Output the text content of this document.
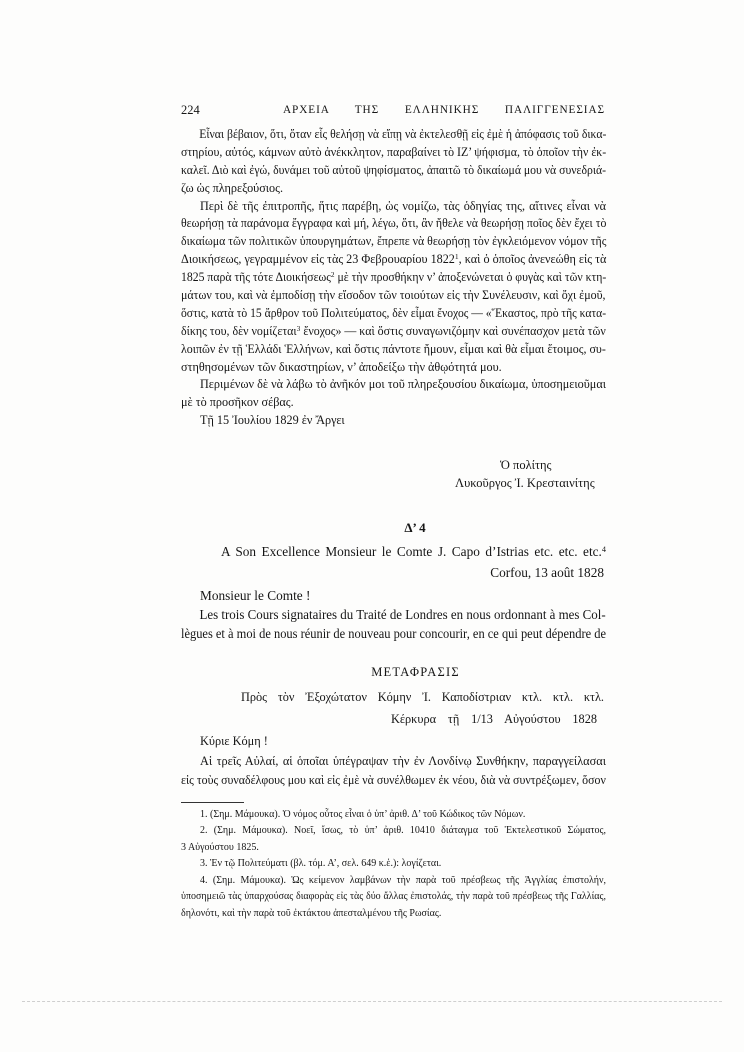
224	ΑΡΧΕΙΑ ΤΗΣ ΕΛΛΗΝΙΚΗΣ ΠΑΛΙΓΓΕΝΕΣΙΑΣ
Εἶναι βέβαιον, ὅτι, ὅταν εἷς θελήσῃ νὰ εἴπῃ νὰ ἐκτελεσθῇ εἰς ἐμὲ ἡ ἀπόφασις τοῦ δικα-
στηρίου, αὐτός, κάμνων αὐτὸ ἀνέκκλητον, παραβαίνει τὸ ΙΖ’ ψήφισμα, τὸ ὁποῖον τὴν ἐκ-
καλεῖ. Διὸ καὶ ἐγώ, δυνάμει τοῦ αὐτοῦ ψηφίσματος, ἀπαιτῶ τὸ δικαίωμά μου νὰ συνεδριά-
ζω ὡς πληρεξούσιος.
Περὶ δὲ τῆς ἐπιτροπῆς, ἥτις παρέβη, ὡς νομίζω, τὰς ὁδηγίας της, αἵτινες εἶναι νὰ
θεωρήσῃ τὰ παράνομα ἔγγραφα καὶ μή, λέγω, ὅτι, ἂν ἤθελε νὰ θεωρήσῃ ποῖος δὲν ἔχει τὸ
δικαίωμα τῶν πολιτικῶν ὑπουργημάτων, ἔπρεπε νὰ θεωρήσῃ τὸν ἐγκλειόμενον νόμον τῆς
Διοικήσεως, γεγραμμένον εἰς τὰς 23 Φεβρουαρίου 1822$^1$, καὶ ὁ ὁποῖος ἀνενεώθη εἰς τὰ
1825 παρὰ τῆς τότε Διοικήσεως$^2$ μὲ τὴν προσθήκην ν’ ἀποξενώνεται ὁ φυγὰς καὶ τῶν κτη-
μάτων του, καὶ νὰ ἐμποδίσῃ τὴν εἴσοδον τῶν τοιούτων εἰς τὴν Συνέλευσιν, καὶ ὄχι ἐμοῦ,
ὅστις, κατὰ τὸ 15 ἄρθρον τοῦ Πολιτεύματος, δὲν εἶμαι ἔνοχος — «Ἕκαστος, πρὸ τῆς κατα-
δίκης του, δὲν νομίζεται$^3$ ἔνοχος» — καὶ ὅστις συναγωνιζόμην καὶ συνέπασχον μετὰ τῶν
λοιπῶν ἐν τῇ Ἑλλάδι Ἑλλήνων, καὶ ὅστις πάντοτε ἤμουν, εἶμαι καὶ θὰ εἶμαι ἕτοιμος, συ-
στηθησομένων τῶν δικαστηρίων, ν’ ἀποδείξω τὴν ἀθῳότητά μου.
Περιμένων δὲ νὰ λάβω τὸ ἀνῆκόν μοι τοῦ πληρεξουσίου δικαίωμα, ὑποσημειοῦμαι
μὲ τὸ προσῆκον σέβας.
Τῇ 15 Ἰουλίου 1829 ἐν Ἄργει
Ὁ πολίτης
Λυκοῦργος Ἰ. Κρεσταινίτης
Δ’ 4
A Son Excellence Monsieur le Comte J. Capo d’Istrias etc. etc. etc.$^4$
Corfou, 13 août 1828
Monsieur le Comte !
Les trois Cours signataires du Traité de Londres en nous ordonnant à mes Col-
lègues et à moi de nous réunir de nouveau pour concourir, en ce qui peut dépendre de
ΜΕΤΑΦΡΑΣΙΣ
Πρὸς τὸν Ἐξοχώτατον Κόμην Ἰ. Καποδίστριαν κτλ. κτλ. κτλ.
Κέρκυρα τῇ 1/13 Αὐγούστου 1828
Κύριε Κόμη !
Αἱ τρεῖς Αὐλαί, αἱ ὁποῖαι ὑπέγραψαν τὴν ἐν Λονδίνῳ Συνθήκην, παραγγείλασαι
εἰς τοὺς συναδέλφους μου καὶ εἰς ἐμὲ νὰ συνέλθωμεν ἐκ νέου, διὰ νὰ συντρέξωμεν, ὅσον
1. (Σημ. Μάμουκα). Ὁ νόμος οὗτος εἶναι ὁ ὑπ’ ἀριθ. Δ’ τοῦ Κώδικος τῶν Νόμων.
2. (Σημ. Μάμουκα). Νοεῖ, ἴσως, τὸ ὑπ’ ἀριθ. 10410 διάταγμα τοῦ Ἐκτελεστικοῦ Σώματος,
3 Αὐγούστου 1825.
3. Ἐν τῷ Πολιτεύματι (βλ. τόμ. Α’, σελ. 649 κ.ἑ.): λογίζεται.
4. (Σημ. Μάμουκα). Ὡς κείμενον λαμβάνων τὴν παρὰ τοῦ πρέσβεως τῆς Ἀγγλίας ἐπιστολήν,
ὑποσημειῶ τὰς ὑπαρχούσας διαφορὰς εἰς τὰς δύο ἄλλας ἐπιστολάς, τὴν παρὰ τοῦ πρέσβεως τῆς Γαλλίας,
δηλονότι, καὶ τὴν παρὰ τοῦ ἐκτάκτου ἀπεσταλμένου τῆς Ρωσίας.
